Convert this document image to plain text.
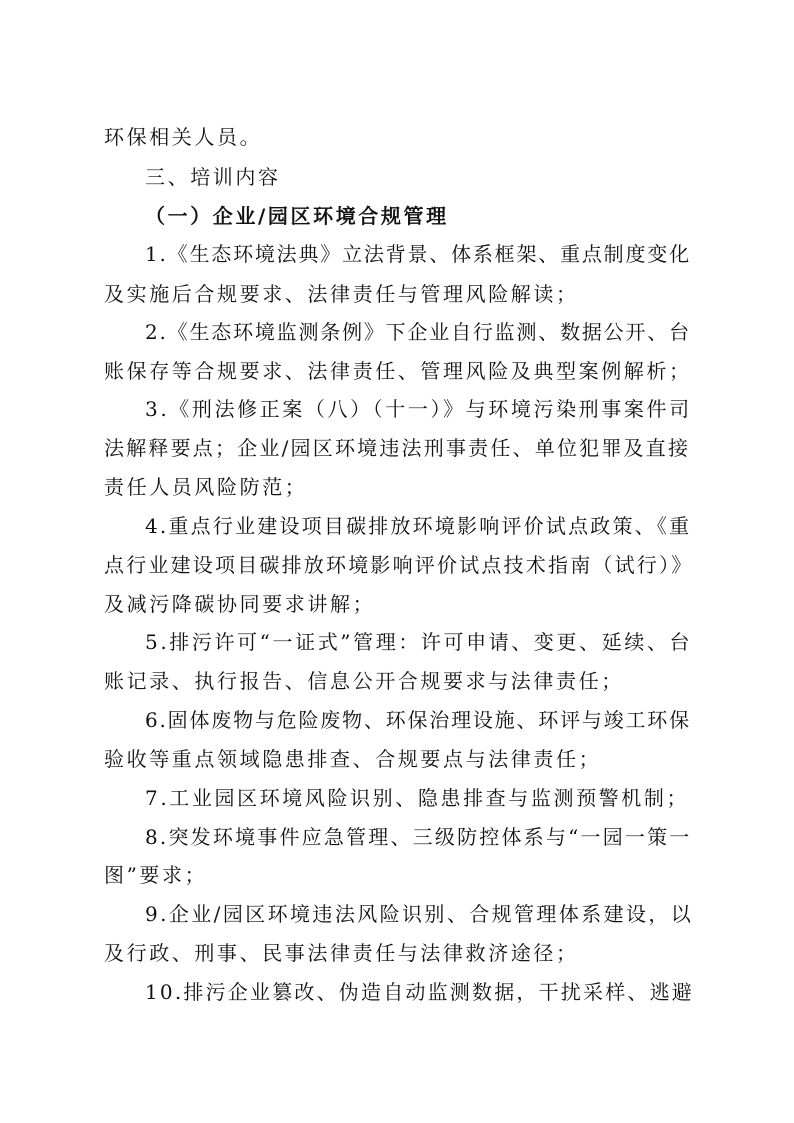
环保相关人员。
三、培训内容
（一）企业/园区环境合规管理
1.《生态环境法典》立法背景、体系框架、重点制度变化
及实施后合规要求、法律责任与管理风险解读；
2.《生态环境监测条例》下企业自行监测、数据公开、台
账保存等合规要求、法律责任、管理风险及典型案例解析；
3.《刑法修正案（八）（十一）》与环境污染刑事案件司
法解释要点；企业/园区环境违法刑事责任、单位犯罪及直接
责任人员风险防范；
4.重点行业建设项目碳排放环境影响评价试点政策、《重
点行业建设项目碳排放环境影响评价试点技术指南（试行）》
及减污降碳协同要求讲解；
5.排污许可“一证式”管理：许可申请、变更、延续、台
账记录、执行报告、信息公开合规要求与法律责任；
6.固体废物与危险废物、环保治理设施、环评与竣工环保
验收等重点领域隐患排查、合规要点与法律责任；
7.工业园区环境风险识别、隐患排查与监测预警机制；
8.突发环境事件应急管理、三级防控体系与“一园一策一
图”要求；
9.企业/园区环境违法风险识别、合规管理体系建设，以
及行政、刑事、民事法律责任与法律救济途径；
10.排污企业篡改、伪造自动监测数据，干扰采样、逃避
